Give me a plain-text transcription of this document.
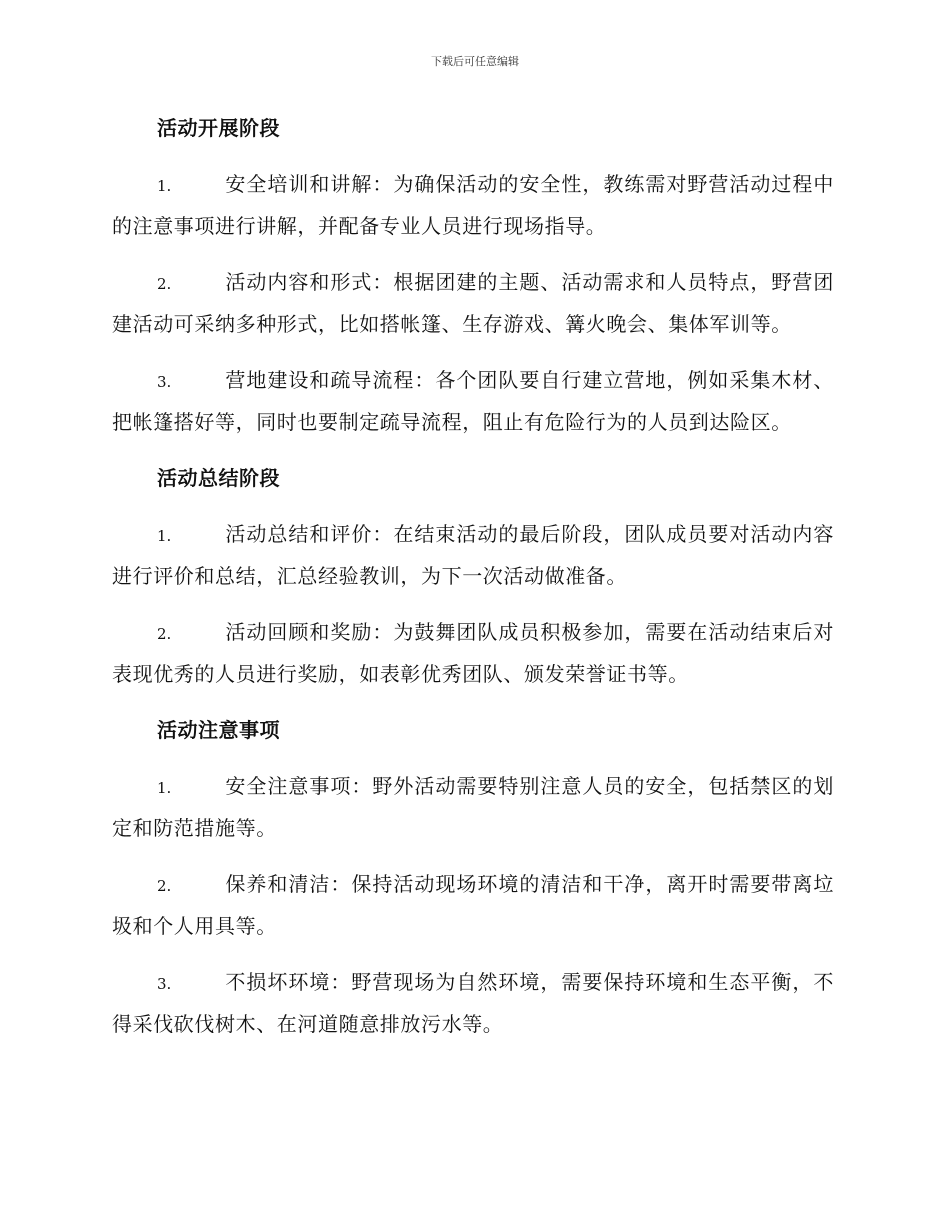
下载后可任意编辑
活动开展阶段
1.	安全培训和讲解：为确保活动的安全性，教练需对野营活动过程中的注意事项进行讲解，并配备专业人员进行现场指导。
2.	活动内容和形式：根据团建的主题、活动需求和人员特点，野营团建活动可采纳多种形式，比如搭帐篷、生存游戏、篝火晚会、集体军训等。
3.	营地建设和疏导流程：各个团队要自行建立营地，例如采集木材、把帐篷搭好等，同时也要制定疏导流程，阻止有危险行为的人员到达险区。
活动总结阶段
1.	活动总结和评价：在结束活动的最后阶段，团队成员要对活动内容进行评价和总结，汇总经验教训，为下一次活动做准备。
2.	活动回顾和奖励：为鼓舞团队成员积极参加，需要在活动结束后对表现优秀的人员进行奖励，如表彰优秀团队、颁发荣誉证书等。
活动注意事项
1.	安全注意事项：野外活动需要特别注意人员的安全，包括禁区的划定和防范措施等。
2.	保养和清洁：保持活动现场环境的清洁和干净，离开时需要带离垃圾和个人用具等。
3.	不损坏环境：野营现场为自然环境，需要保持环境和生态平衡，不得采伐砍伐树木、在河道随意排放污水等。
